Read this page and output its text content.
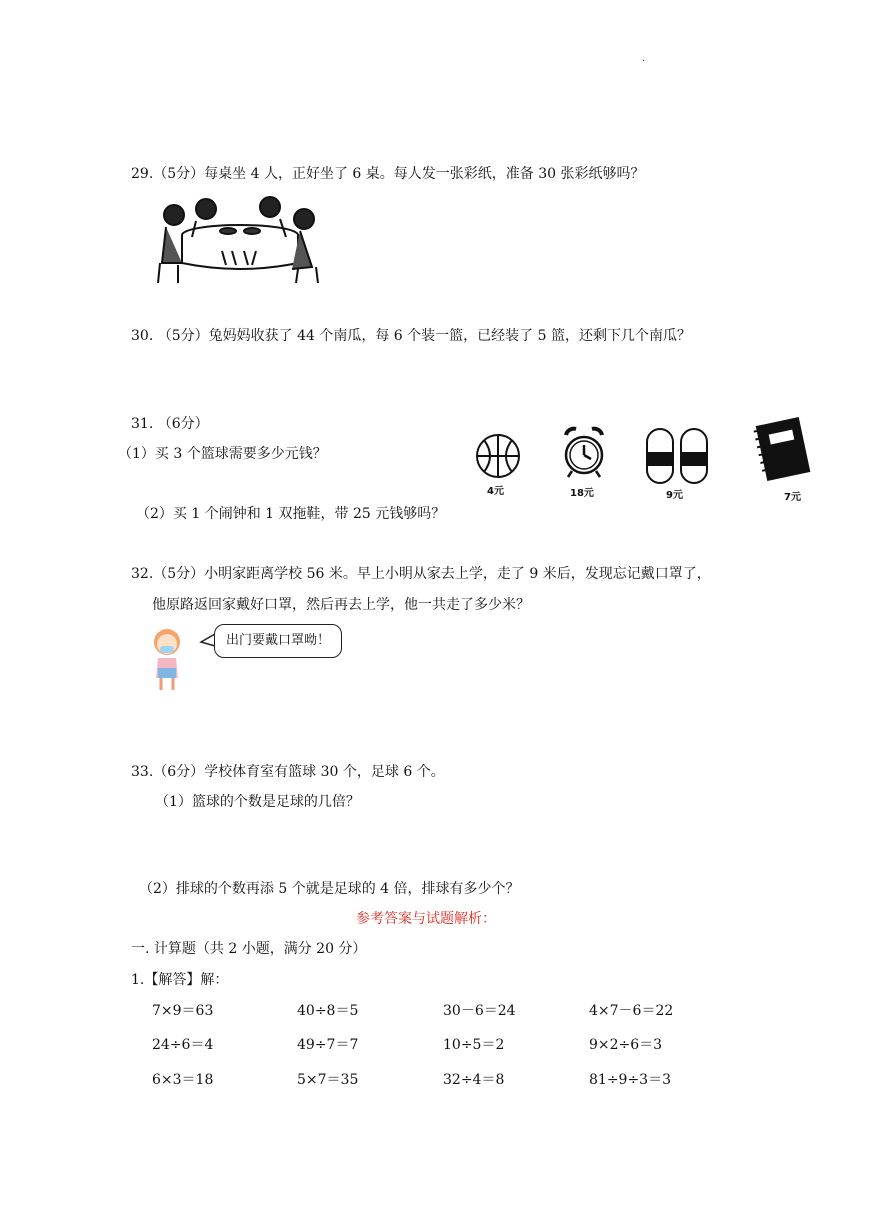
·
29.（5分）每桌坐 4 人，正好坐了 6 桌。每人发一张彩纸，准备 30 张彩纸够吗？
30. （5分）兔妈妈收获了 44 个南瓜，每 6 个装一篮，已经装了 5 篮，还剩下几个南瓜？
31. （6分）
（1）买 3 个篮球需要多少元钱？
（2）买 1 个闹钟和 1 双拖鞋，带 25 元钱够吗？
4元	18元	9元	7元
32.（5分）小明家距离学校 56 米。早上小明从家去上学，走了 9 米后，发现忘记戴口罩了，
他原路返回家戴好口罩，然后再去上学，他一共走了多少米？
出门要戴口罩呦！
33.（6分）学校体育室有篮球 30 个，足球 6 个。
（1）篮球的个数是足球的几倍？
（2）排球的个数再添 5 个就是足球的 4 倍，排球有多少个？
参考答案与试题解析：
一. 计算题（共 2 小题，满分 20 分）
1.【解答】解：
7×9＝63	40÷8＝5	30－6＝24	4×7－6＝22
24÷6＝4	49÷7＝7	10÷5＝2	9×2÷6＝3
6×3＝18	5×7＝35	32÷4＝8	81÷9÷3＝3
